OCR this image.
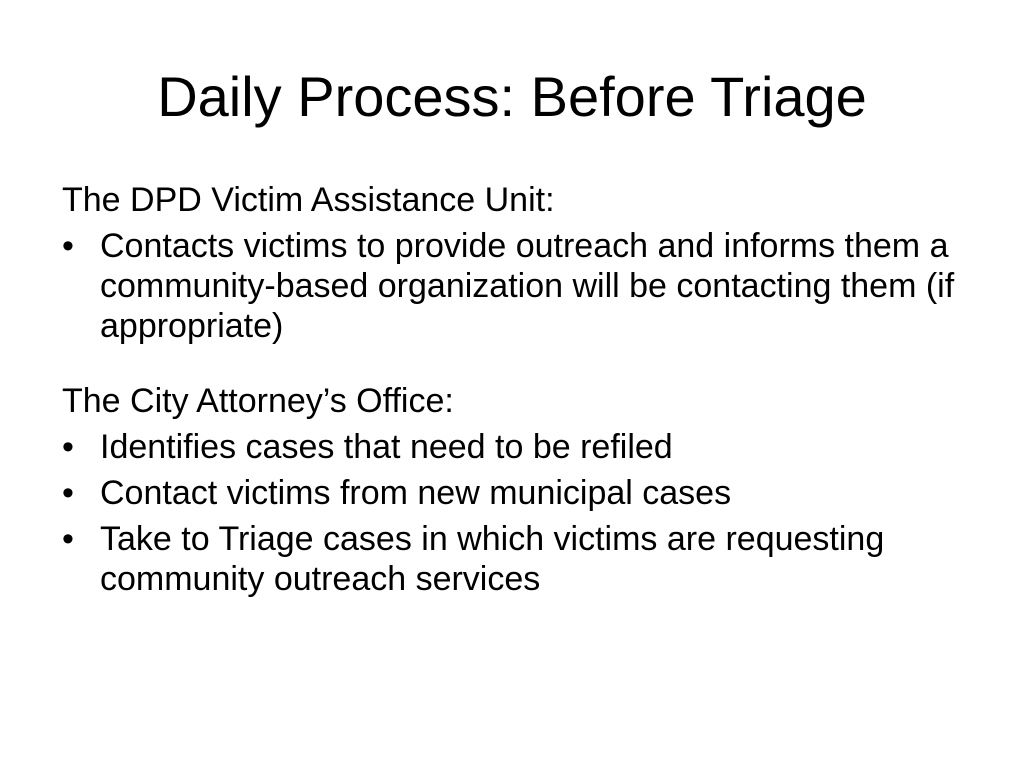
Daily Process: Before Triage

The DPD Victim Assistance Unit:

• Contacts victims to provide outreach and informs them a community-based organization will be contacting them (if appropriate)

The City Attorney’s Office:

• Identifies cases that need to be refiled
• Contact victims from new municipal cases
• Take to Triage cases in which victims are requesting community outreach services
